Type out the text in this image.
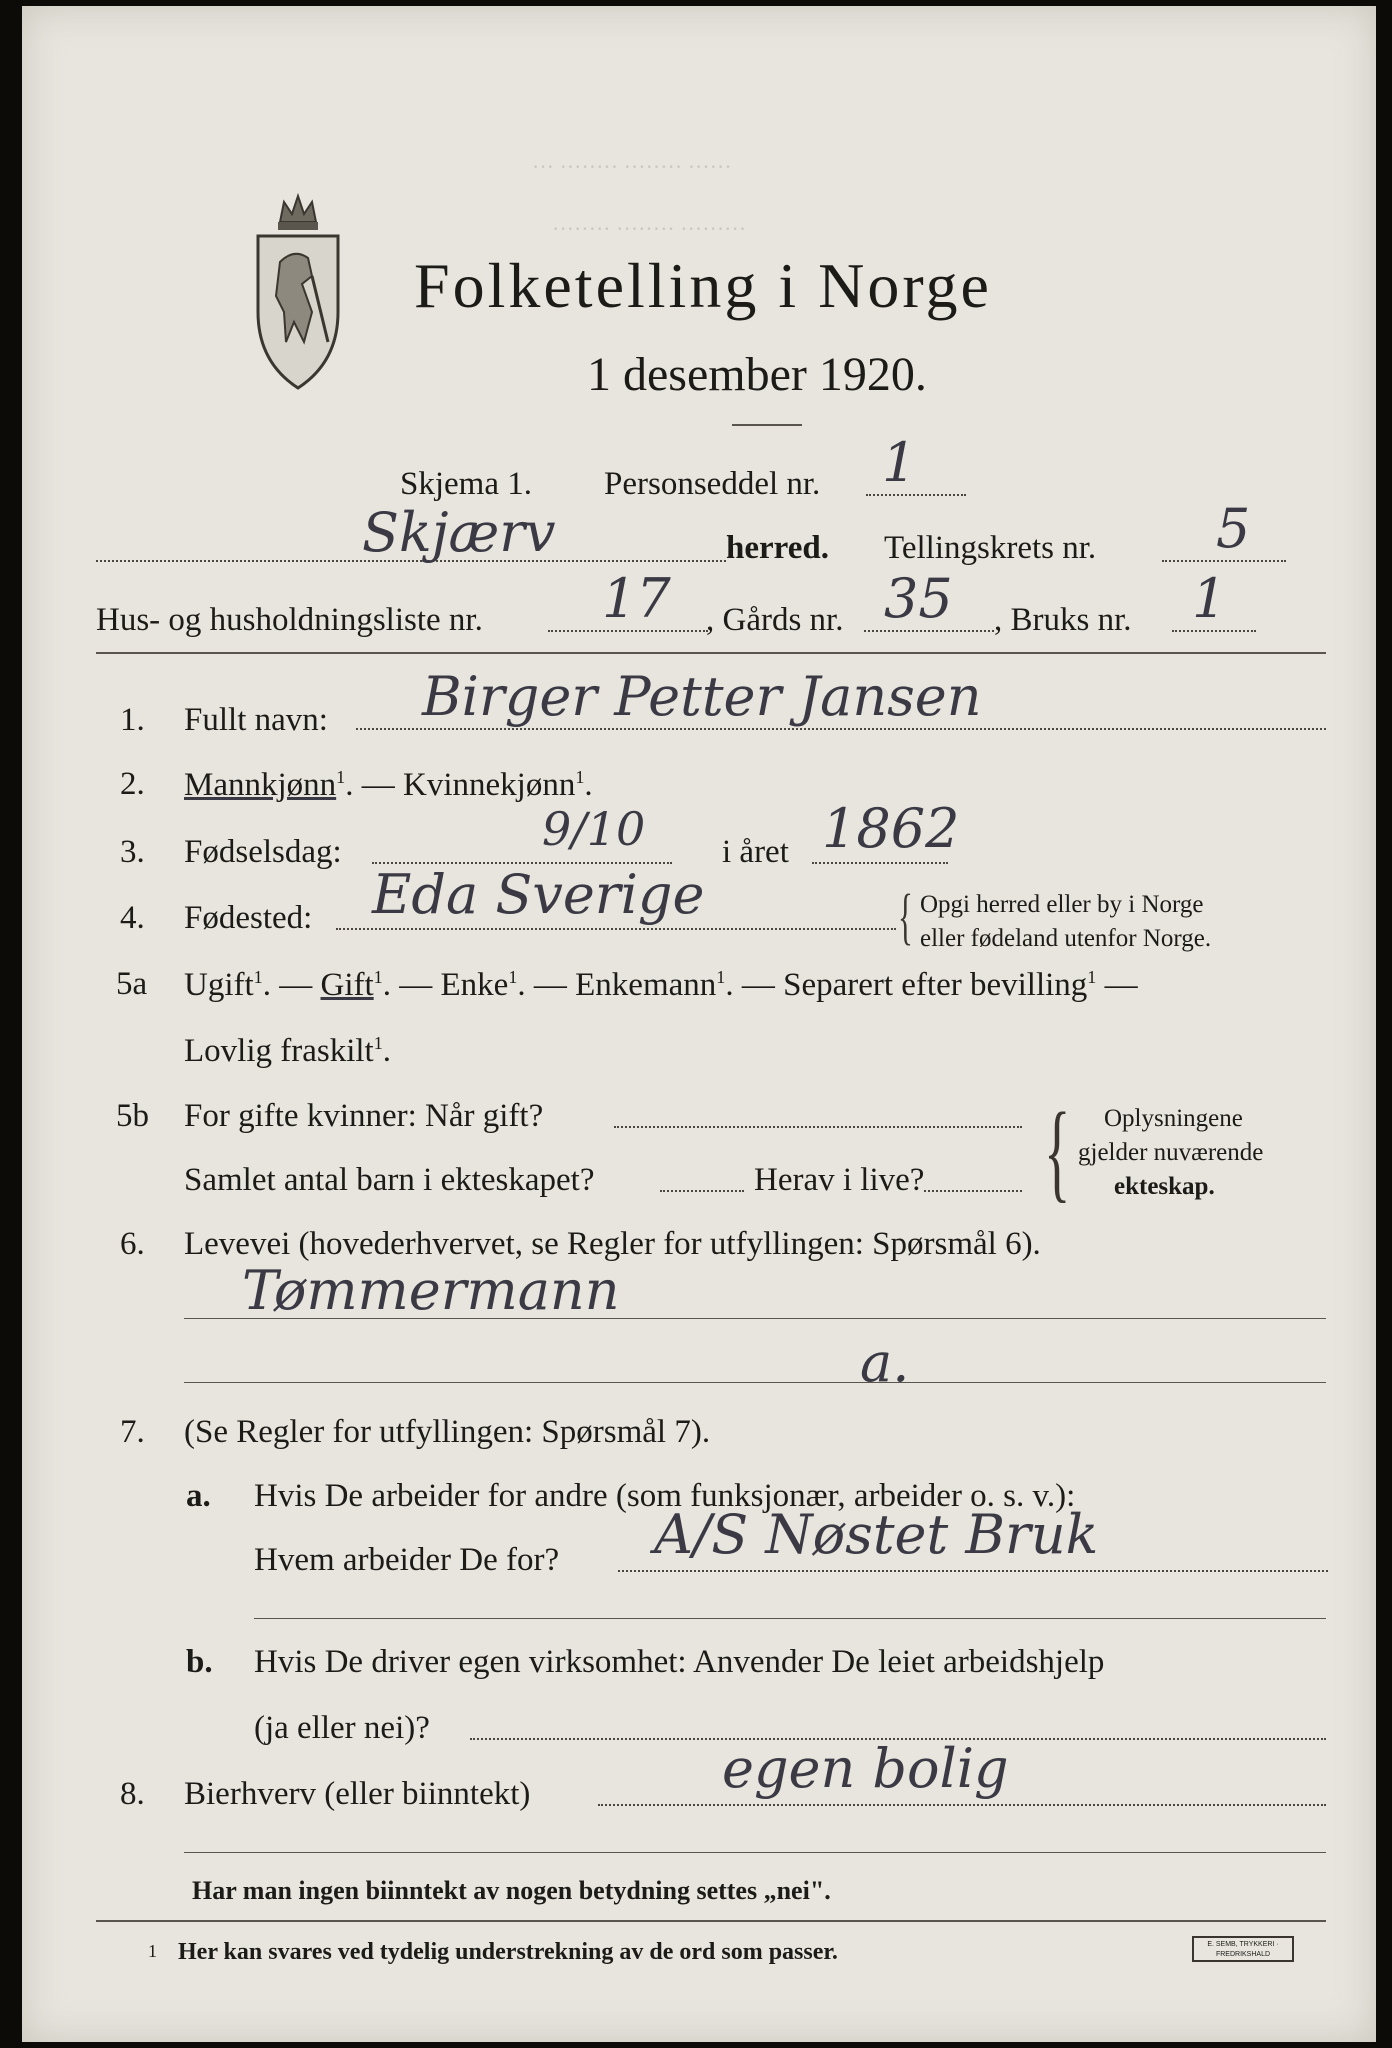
··· ········ ········ ······
········ ········ ·········
Folketelling i Norge
1 desember 1920.
Skjema 1. Personseddel nr. 1
Skjærv	herred. Tellingskrets nr. 5
Hus- og husholdningsliste nr. 17 , Gårds nr. 35 , Bruks nr. 1
1. Fullt navn: Birger Petter Jansen
2. Mannkjønn$^1$. — Kvinnekjønn$^1$.
3. Fødselsdag:	9/10 i året 1862
4. Fødested: Eda Sverige	{ Opgi herred eller by i Norge
eller fødeland utenfor Norge.
5a Ugift$^1$. — Gift$^1$. — Enke$^1$. — Enkemann$^1$. — Separert efter bevilling$^1$ —
Lovlig fraskilt$^1$.
5b For gifte kvinner: Når gift?
Samlet antal barn i ekteskapet?	Herav i live? { Oplysningene
gjelder nuværende
ekteskap.
6. Levevei (hovederhvervet, se Regler for utfyllingen: Spørsmål 6).
Tømmermann
a.
7. (Se Regler for utfyllingen: Spørsmål 7).
a. Hvis De arbeider for andre (som funksjonær, arbeider o. s. v.):
Hvem arbeider De for? A/S Nøstet Bruk
b. Hvis De driver egen virksomhet: Anvender De leiet arbeidshjelp
(ja eller nei)?
8. Bierhverv (eller biinntekt)	egen bolig
Har man ingen biinntekt av nogen betydning settes „nei".
1 Her kan svares ved tydelig understrekning av de ord som passer.	E. SEMB, TRYKKERI · FREDRIKSHALD
